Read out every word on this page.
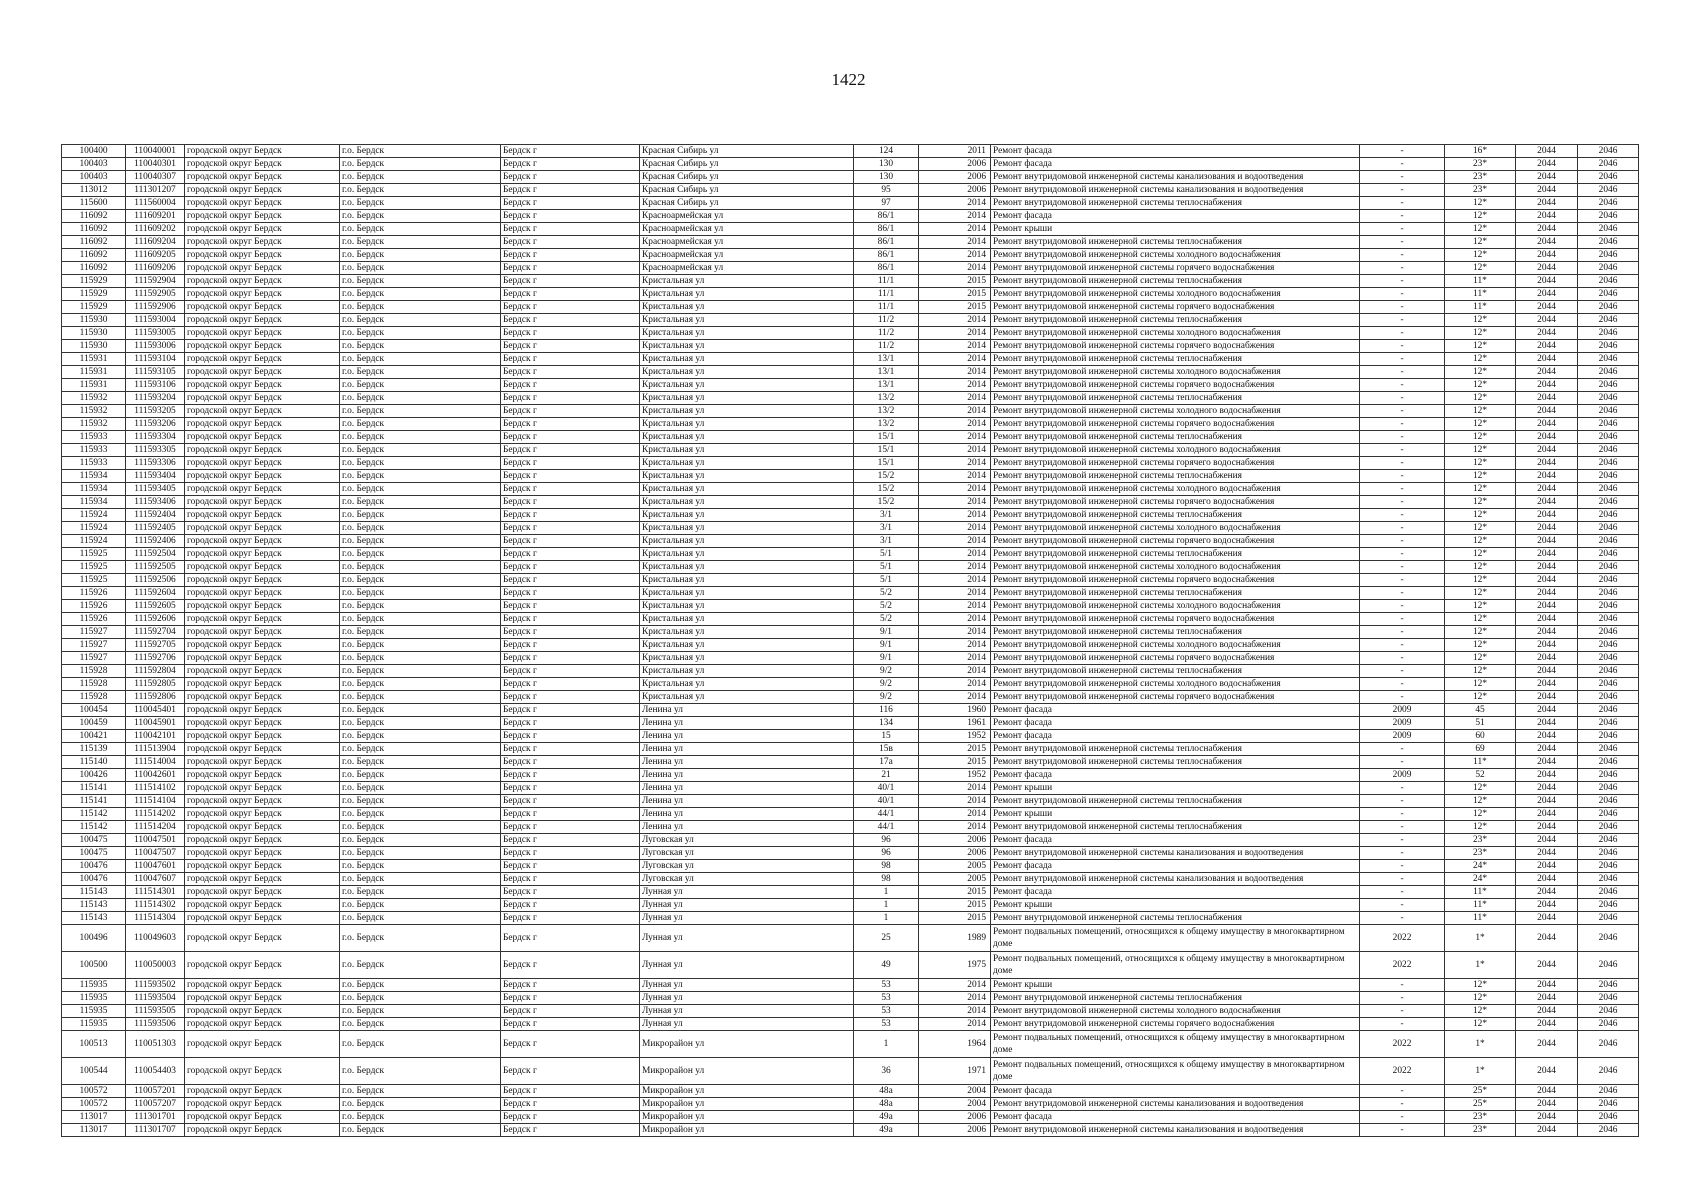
1422
100400	110040001	городской округ Бердск	г.о. Бердск	Бердск г	Красная Сибирь ул	124	2011	Ремонт фасада	-	16*	2044	2046
100403	110040301	городской округ Бердск	г.о. Бердск	Бердск г	Красная Сибирь ул	130	2006	Ремонт фасада	-	23*	2044	2046
100403	110040307	городской округ Бердск	г.о. Бердск	Бердск г	Красная Сибирь ул	130	2006	Ремонт внутридомовой инженерной системы канализования и водоотведения	-	23*	2044	2046
113012	111301207	городской округ Бердск	г.о. Бердск	Бердск г	Красная Сибирь ул	95	2006	Ремонт внутридомовой инженерной системы канализования и водоотведения	-	23*	2044	2046
115600	111560004	городской округ Бердск	г.о. Бердск	Бердск г	Красная Сибирь ул	97	2014	Ремонт внутридомовой инженерной системы теплоснабжения	-	12*	2044	2046
116092	111609201	городской округ Бердск	г.о. Бердск	Бердск г	Красноармейская ул	86/1	2014	Ремонт фасада	-	12*	2044	2046
116092	111609202	городской округ Бердск	г.о. Бердск	Бердск г	Красноармейская ул	86/1	2014	Ремонт крыши	-	12*	2044	2046
116092	111609204	городской округ Бердск	г.о. Бердск	Бердск г	Красноармейская ул	86/1	2014	Ремонт внутридомовой инженерной системы теплоснабжения	-	12*	2044	2046
116092	111609205	городской округ Бердск	г.о. Бердск	Бердск г	Красноармейская ул	86/1	2014	Ремонт внутридомовой инженерной системы холодного водоснабжения	-	12*	2044	2046
116092	111609206	городской округ Бердск	г.о. Бердск	Бердск г	Красноармейская ул	86/1	2014	Ремонт внутридомовой инженерной системы горячего водоснабжения	-	12*	2044	2046
115929	111592904	городской округ Бердск	г.о. Бердск	Бердск г	Кристальная ул	11/1	2015	Ремонт внутридомовой инженерной системы теплоснабжения	-	11*	2044	2046
115929	111592905	городской округ Бердск	г.о. Бердск	Бердск г	Кристальная ул	11/1	2015	Ремонт внутридомовой инженерной системы холодного водоснабжения	-	11*	2044	2046
115929	111592906	городской округ Бердск	г.о. Бердск	Бердск г	Кристальная ул	11/1	2015	Ремонт внутридомовой инженерной системы горячего водоснабжения	-	11*	2044	2046
115930	111593004	городской округ Бердск	г.о. Бердск	Бердск г	Кристальная ул	11/2	2014	Ремонт внутридомовой инженерной системы теплоснабжения	-	12*	2044	2046
115930	111593005	городской округ Бердск	г.о. Бердск	Бердск г	Кристальная ул	11/2	2014	Ремонт внутридомовой инженерной системы холодного водоснабжения	-	12*	2044	2046
115930	111593006	городской округ Бердск	г.о. Бердск	Бердск г	Кристальная ул	11/2	2014	Ремонт внутридомовой инженерной системы горячего водоснабжения	-	12*	2044	2046
115931	111593104	городской округ Бердск	г.о. Бердск	Бердск г	Кристальная ул	13/1	2014	Ремонт внутридомовой инженерной системы теплоснабжения	-	12*	2044	2046
115931	111593105	городской округ Бердск	г.о. Бердск	Бердск г	Кристальная ул	13/1	2014	Ремонт внутридомовой инженерной системы холодного водоснабжения	-	12*	2044	2046
115931	111593106	городской округ Бердск	г.о. Бердск	Бердск г	Кристальная ул	13/1	2014	Ремонт внутридомовой инженерной системы горячего водоснабжения	-	12*	2044	2046
115932	111593204	городской округ Бердск	г.о. Бердск	Бердск г	Кристальная ул	13/2	2014	Ремонт внутридомовой инженерной системы теплоснабжения	-	12*	2044	2046
115932	111593205	городской округ Бердск	г.о. Бердск	Бердск г	Кристальная ул	13/2	2014	Ремонт внутридомовой инженерной системы холодного водоснабжения	-	12*	2044	2046
115932	111593206	городской округ Бердск	г.о. Бердск	Бердск г	Кристальная ул	13/2	2014	Ремонт внутридомовой инженерной системы горячего водоснабжения	-	12*	2044	2046
115933	111593304	городской округ Бердск	г.о. Бердск	Бердск г	Кристальная ул	15/1	2014	Ремонт внутридомовой инженерной системы теплоснабжения	-	12*	2044	2046
115933	111593305	городской округ Бердск	г.о. Бердск	Бердск г	Кристальная ул	15/1	2014	Ремонт внутридомовой инженерной системы холодного водоснабжения	-	12*	2044	2046
115933	111593306	городской округ Бердск	г.о. Бердск	Бердск г	Кристальная ул	15/1	2014	Ремонт внутридомовой инженерной системы горячего водоснабжения	-	12*	2044	2046
115934	111593404	городской округ Бердск	г.о. Бердск	Бердск г	Кристальная ул	15/2	2014	Ремонт внутридомовой инженерной системы теплоснабжения	-	12*	2044	2046
115934	111593405	городской округ Бердск	г.о. Бердск	Бердск г	Кристальная ул	15/2	2014	Ремонт внутридомовой инженерной системы холодного водоснабжения	-	12*	2044	2046
115934	111593406	городской округ Бердск	г.о. Бердск	Бердск г	Кристальная ул	15/2	2014	Ремонт внутридомовой инженерной системы горячего водоснабжения	-	12*	2044	2046
115924	111592404	городской округ Бердск	г.о. Бердск	Бердск г	Кристальная ул	3/1	2014	Ремонт внутридомовой инженерной системы теплоснабжения	-	12*	2044	2046
115924	111592405	городской округ Бердск	г.о. Бердск	Бердск г	Кристальная ул	3/1	2014	Ремонт внутридомовой инженерной системы холодного водоснабжения	-	12*	2044	2046
115924	111592406	городской округ Бердск	г.о. Бердск	Бердск г	Кристальная ул	3/1	2014	Ремонт внутридомовой инженерной системы горячего водоснабжения	-	12*	2044	2046
115925	111592504	городской округ Бердск	г.о. Бердск	Бердск г	Кристальная ул	5/1	2014	Ремонт внутридомовой инженерной системы теплоснабжения	-	12*	2044	2046
115925	111592505	городской округ Бердск	г.о. Бердск	Бердск г	Кристальная ул	5/1	2014	Ремонт внутридомовой инженерной системы холодного водоснабжения	-	12*	2044	2046
115925	111592506	городской округ Бердск	г.о. Бердск	Бердск г	Кристальная ул	5/1	2014	Ремонт внутридомовой инженерной системы горячего водоснабжения	-	12*	2044	2046
115926	111592604	городской округ Бердск	г.о. Бердск	Бердск г	Кристальная ул	5/2	2014	Ремонт внутридомовой инженерной системы теплоснабжения	-	12*	2044	2046
115926	111592605	городской округ Бердск	г.о. Бердск	Бердск г	Кристальная ул	5/2	2014	Ремонт внутридомовой инженерной системы холодного водоснабжения	-	12*	2044	2046
115926	111592606	городской округ Бердск	г.о. Бердск	Бердск г	Кристальная ул	5/2	2014	Ремонт внутридомовой инженерной системы горячего водоснабжения	-	12*	2044	2046
115927	111592704	городской округ Бердск	г.о. Бердск	Бердск г	Кристальная ул	9/1	2014	Ремонт внутридомовой инженерной системы теплоснабжения	-	12*	2044	2046
115927	111592705	городской округ Бердск	г.о. Бердск	Бердск г	Кристальная ул	9/1	2014	Ремонт внутридомовой инженерной системы холодного водоснабжения	-	12*	2044	2046
115927	111592706	городской округ Бердск	г.о. Бердск	Бердск г	Кристальная ул	9/1	2014	Ремонт внутридомовой инженерной системы горячего водоснабжения	-	12*	2044	2046
115928	111592804	городской округ Бердск	г.о. Бердск	Бердск г	Кристальная ул	9/2	2014	Ремонт внутридомовой инженерной системы теплоснабжения	-	12*	2044	2046
115928	111592805	городской округ Бердск	г.о. Бердск	Бердск г	Кристальная ул	9/2	2014	Ремонт внутридомовой инженерной системы холодного водоснабжения	-	12*	2044	2046
115928	111592806	городской округ Бердск	г.о. Бердск	Бердск г	Кристальная ул	9/2	2014	Ремонт внутридомовой инженерной системы горячего водоснабжения	-	12*	2044	2046
100454	110045401	городской округ Бердск	г.о. Бердск	Бердск г	Ленина ул	116	1960	Ремонт фасада	2009	45	2044	2046
100459	110045901	городской округ Бердск	г.о. Бердск	Бердск г	Ленина ул	134	1961	Ремонт фасада	2009	51	2044	2046
100421	110042101	городской округ Бердск	г.о. Бердск	Бердск г	Ленина ул	15	1952	Ремонт фасада	2009	60	2044	2046
115139	111513904	городской округ Бердск	г.о. Бердск	Бердск г	Ленина ул	15в	2015	Ремонт внутридомовой инженерной системы теплоснабжения	-	69	2044	2046
115140	111514004	городской округ Бердск	г.о. Бердск	Бердск г	Ленина ул	17а	2015	Ремонт внутридомовой инженерной системы теплоснабжения	-	11*	2044	2046
100426	110042601	городской округ Бердск	г.о. Бердск	Бердск г	Ленина ул	21	1952	Ремонт фасада	2009	52	2044	2046
115141	111514102	городской округ Бердск	г.о. Бердск	Бердск г	Ленина ул	40/1	2014	Ремонт крыши	-	12*	2044	2046
115141	111514104	городской округ Бердск	г.о. Бердск	Бердск г	Ленина ул	40/1	2014	Ремонт внутридомовой инженерной системы теплоснабжения	-	12*	2044	2046
115142	111514202	городской округ Бердск	г.о. Бердск	Бердск г	Ленина ул	44/1	2014	Ремонт крыши	-	12*	2044	2046
115142	111514204	городской округ Бердск	г.о. Бердск	Бердск г	Ленина ул	44/1	2014	Ремонт внутридомовой инженерной системы теплоснабжения	-	12*	2044	2046
100475	110047501	городской округ Бердск	г.о. Бердск	Бердск г	Луговская ул	96	2006	Ремонт фасада	-	23*	2044	2046
100475	110047507	городской округ Бердск	г.о. Бердск	Бердск г	Луговская ул	96	2006	Ремонт внутридомовой инженерной системы канализования и водоотведения	-	23*	2044	2046
100476	110047601	городской округ Бердск	г.о. Бердск	Бердск г	Луговская ул	98	2005	Ремонт фасада	-	24*	2044	2046
100476	110047607	городской округ Бердск	г.о. Бердск	Бердск г	Луговская ул	98	2005	Ремонт внутридомовой инженерной системы канализования и водоотведения	-	24*	2044	2046
115143	111514301	городской округ Бердск	г.о. Бердск	Бердск г	Лунная ул	1	2015	Ремонт фасада	-	11*	2044	2046
115143	111514302	городской округ Бердск	г.о. Бердск	Бердск г	Лунная ул	1	2015	Ремонт крыши	-	11*	2044	2046
115143	111514304	городской округ Бердск	г.о. Бердск	Бердск г	Лунная ул	1	2015	Ремонт внутридомовой инженерной системы теплоснабжения	-	11*	2044	2046
100496	110049603	городской округ Бердск	г.о. Бердск	Бердск г	Лунная ул	25	1989	Ремонт подвальных помещений, относящихся к общему имуществу в многоквартирном доме	2022	1*	2044	2046
100500	110050003	городской округ Бердск	г.о. Бердск	Бердск г	Лунная ул	49	1975	Ремонт подвальных помещений, относящихся к общему имуществу в многоквартирном доме	2022	1*	2044	2046
115935	111593502	городской округ Бердск	г.о. Бердск	Бердск г	Лунная ул	53	2014	Ремонт крыши	-	12*	2044	2046
115935	111593504	городской округ Бердск	г.о. Бердск	Бердск г	Лунная ул	53	2014	Ремонт внутридомовой инженерной системы теплоснабжения	-	12*	2044	2046
115935	111593505	городской округ Бердск	г.о. Бердск	Бердск г	Лунная ул	53	2014	Ремонт внутридомовой инженерной системы холодного водоснабжения	-	12*	2044	2046
115935	111593506	городской округ Бердск	г.о. Бердск	Бердск г	Лунная ул	53	2014	Ремонт внутридомовой инженерной системы горячего водоснабжения	-	12*	2044	2046
100513	110051303	городской округ Бердск	г.о. Бердск	Бердск г	Микрорайон ул	1	1964	Ремонт подвальных помещений, относящихся к общему имуществу в многоквартирном доме	2022	1*	2044	2046
100544	110054403	городской округ Бердск	г.о. Бердск	Бердск г	Микрорайон ул	36	1971	Ремонт подвальных помещений, относящихся к общему имуществу в многоквартирном доме	2022	1*	2044	2046
100572	110057201	городской округ Бердск	г.о. Бердск	Бердск г	Микрорайон ул	48а	2004	Ремонт фасада	-	25*	2044	2046
100572	110057207	городской округ Бердск	г.о. Бердск	Бердск г	Микрорайон ул	48а	2004	Ремонт внутридомовой инженерной системы канализования и водоотведения	-	25*	2044	2046
113017	111301701	городской округ Бердск	г.о. Бердск	Бердск г	Микрорайон ул	49а	2006	Ремонт фасада	-	23*	2044	2046
113017	111301707	городской округ Бердск	г.о. Бердск	Бердск г	Микрорайон ул	49а	2006	Ремонт внутридомовой инженерной системы канализования и водоотведения	-	23*	2044	2046
